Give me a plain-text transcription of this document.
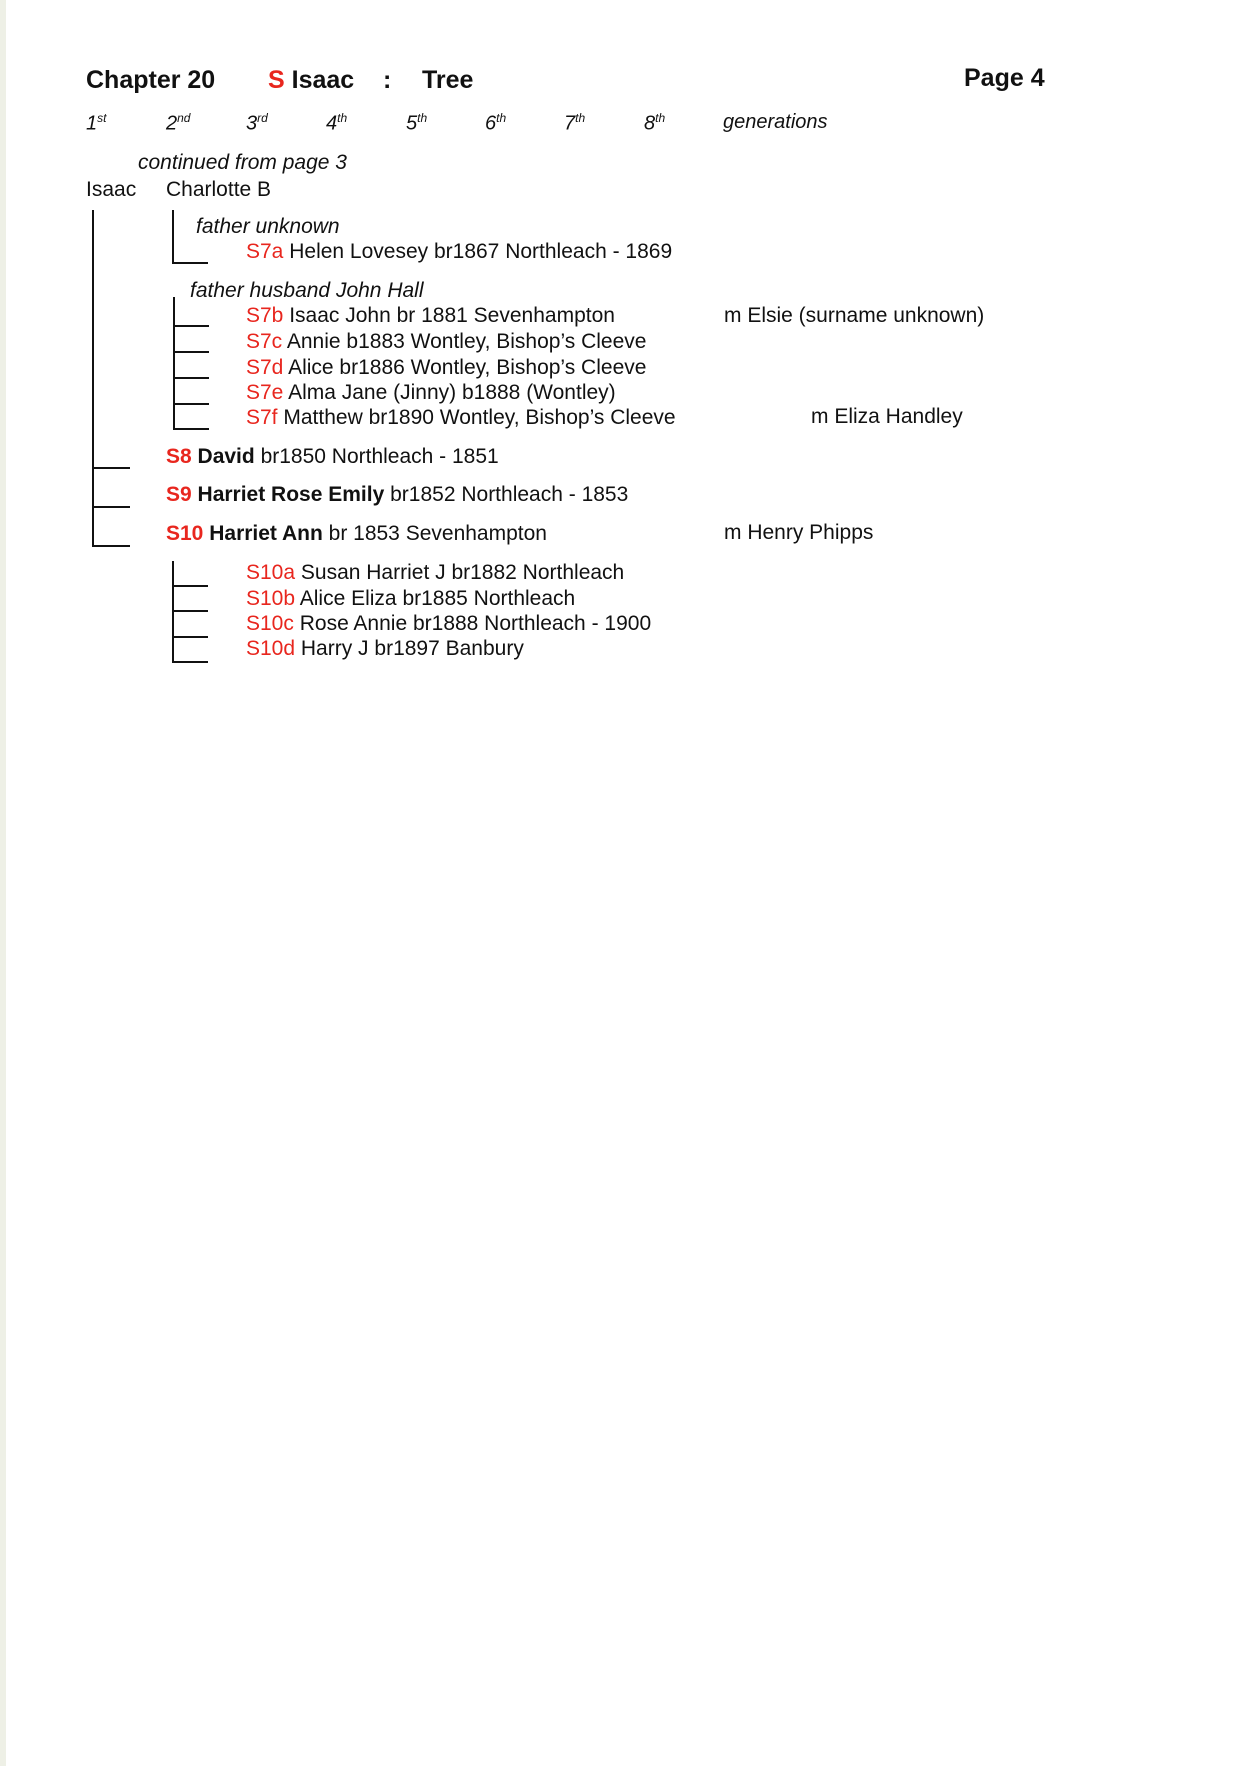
Chapter 20 S Isaac : Tree	Page 4
1st	2nd	3rd	4th	5th	6th	7th	8th	generations
continued from page 3
Isaac Charlotte B
father unknown
S7a Helen Lovesey br1867 Northleach - 1869
father husband John Hall
S7b Isaac John br 1881 Sevenhampton	m Elsie (surname unknown)
S7c Annie b1883 Wontley, Bishop’s Cleeve
S7d Alice br1886 Wontley, Bishop’s Cleeve
S7e Alma Jane (Jinny) b1888 (Wontley)
S7f Matthew br1890 Wontley, Bishop’s Cleeve	m Eliza Handley
S8 David br1850 Northleach - 1851
S9 Harriet Rose Emily br1852 Northleach - 1853
S10 Harriet Ann br 1853 Sevenhampton	m Henry Phipps
S10a Susan Harriet J br1882 Northleach
S10b Alice Eliza br1885 Northleach
S10c Rose Annie br1888 Northleach - 1900
S10d Harry J br1897 Banbury
